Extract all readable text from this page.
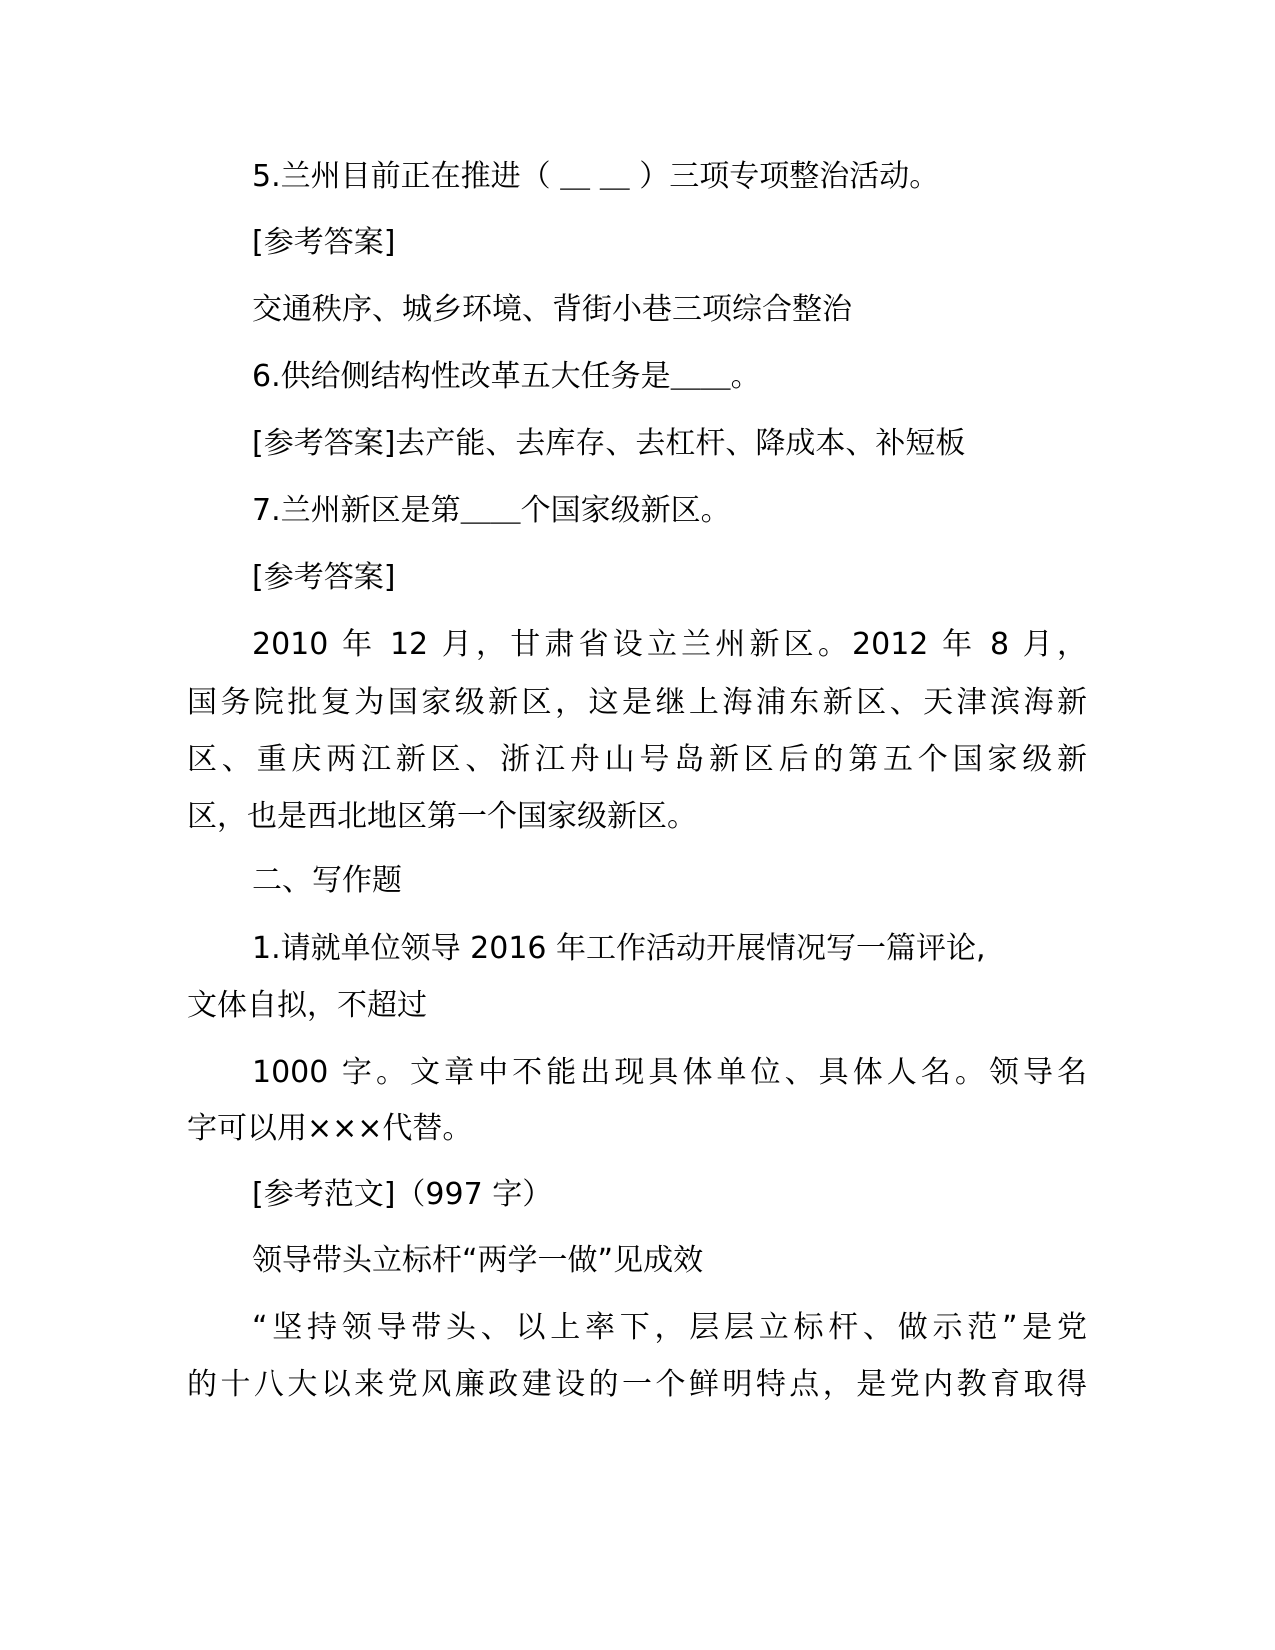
5.兰州目前正在推进（ ＿ ＿ ）三项专项整治活动。
[参考答案]
交通秩序、城乡环境、背街小巷三项综合整治
6.供给侧结构性改革五大任务是＿＿。
[参考答案]去产能、去库存、去杠杆、降成本、补短板
7.兰州新区是第＿＿个国家级新区。
[参考答案]
2010 年 12 月，甘肃省设立兰州新区。2012 年 8 月，
国务院批复为国家级新区，这是继上海浦东新区、天津滨海新
区、重庆两江新区、浙江舟山号岛新区后的第五个国家级新
区，也是西北地区第一个国家级新区。
二、写作题
1.请就单位领导 2016 年工作活动开展情况写一篇评论,
文体自拟，不超过
1000 字。文章中不能出现具体单位、具体人名。领导名
字可以用×××代替。
[参考范文]（997 字）
领导带头立标杆“两学一做”见成效
“坚持领导带头、以上率下，层层立标杆、做示范”是党
的十八大以来党风廉政建设的一个鲜明特点，是党内教育取得
